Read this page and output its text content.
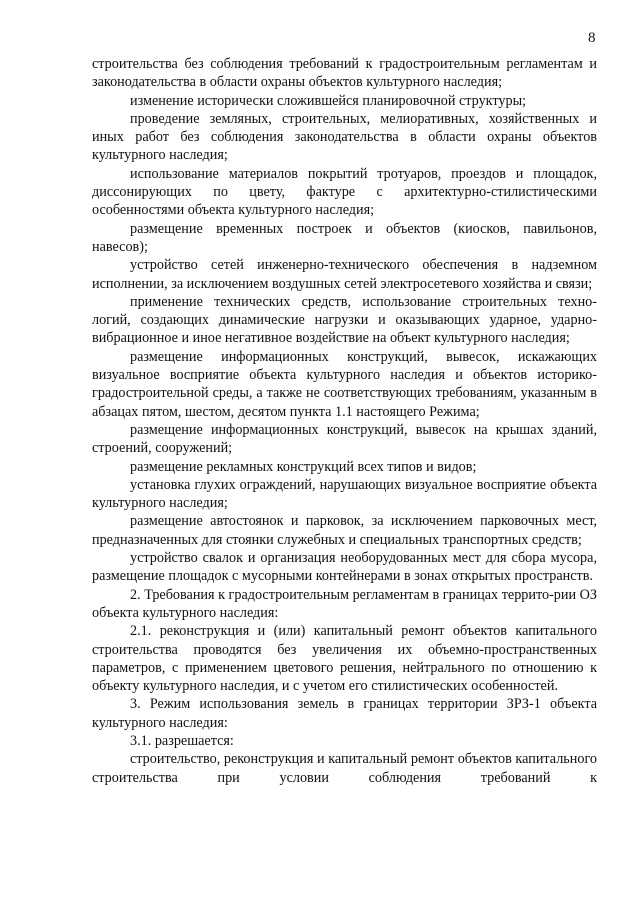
8

строительства без соблюдения требований к градостроительным регламентам и законодательства в области охраны объектов культурного наследия;

изменение исторически сложившейся планировочной структуры;

проведение земляных, строительных, мелиоративных, хозяйственных и иных работ без соблюдения законодательства в области охраны объектов культурного наследия;

использование материалов покрытий тротуаров, проездов и площадок, диссонирующих по цвету, фактуре с архитектурно-стилистическими особенностями объекта культурного наследия;

размещение временных построек и объектов (киосков, павильонов, навесов);

устройство сетей инженерно-технического обеспечения в надземном исполнении, за исключением воздушных сетей электросетевого хозяйства и связи;

применение технических средств, использование строительных техно-логий, создающих динамические нагрузки и оказывающих ударное, ударно-вибрационное и иное негативное воздействие на объект культурного наследия;

размещение информационных конструкций, вывесок, искажающих визуальное восприятие объекта культурного наследия и объектов историко-градостроительной среды, а также не соответствующих требованиям, указанным в абзацах пятом, шестом, десятом пункта 1.1 настоящего Режима;

размещение информационных конструкций, вывесок на крышах зданий, строений, сооружений;

размещение рекламных конструкций всех типов и видов;

установка глухих ограждений, нарушающих визуальное восприятие объекта культурного наследия;

размещение автостоянок и парковок, за исключением парковочных мест, предназначенных для стоянки служебных и специальных транспортных средств;

устройство свалок и организация необорудованных мест для сбора мусора, размещение площадок с мусорными контейнерами в зонах открытых пространств.

2. Требования к градостроительным регламентам в границах террито-рии ОЗ объекта культурного наследия:

2.1. реконструкция и (или) капитальный ремонт объектов капитального строительства проводятся без увеличения их объемно-пространственных параметров, с применением цветового решения, нейтрального по отношению к объекту культурного наследия, и с учетом его стилистических особенностей.

3. Режим использования земель в границах территории ЗРЗ-1 объекта культурного наследия:

3.1. разрешается:

строительство, реконструкция и капитальный ремонт объектов капитального строительства при условии соблюдения требований к
